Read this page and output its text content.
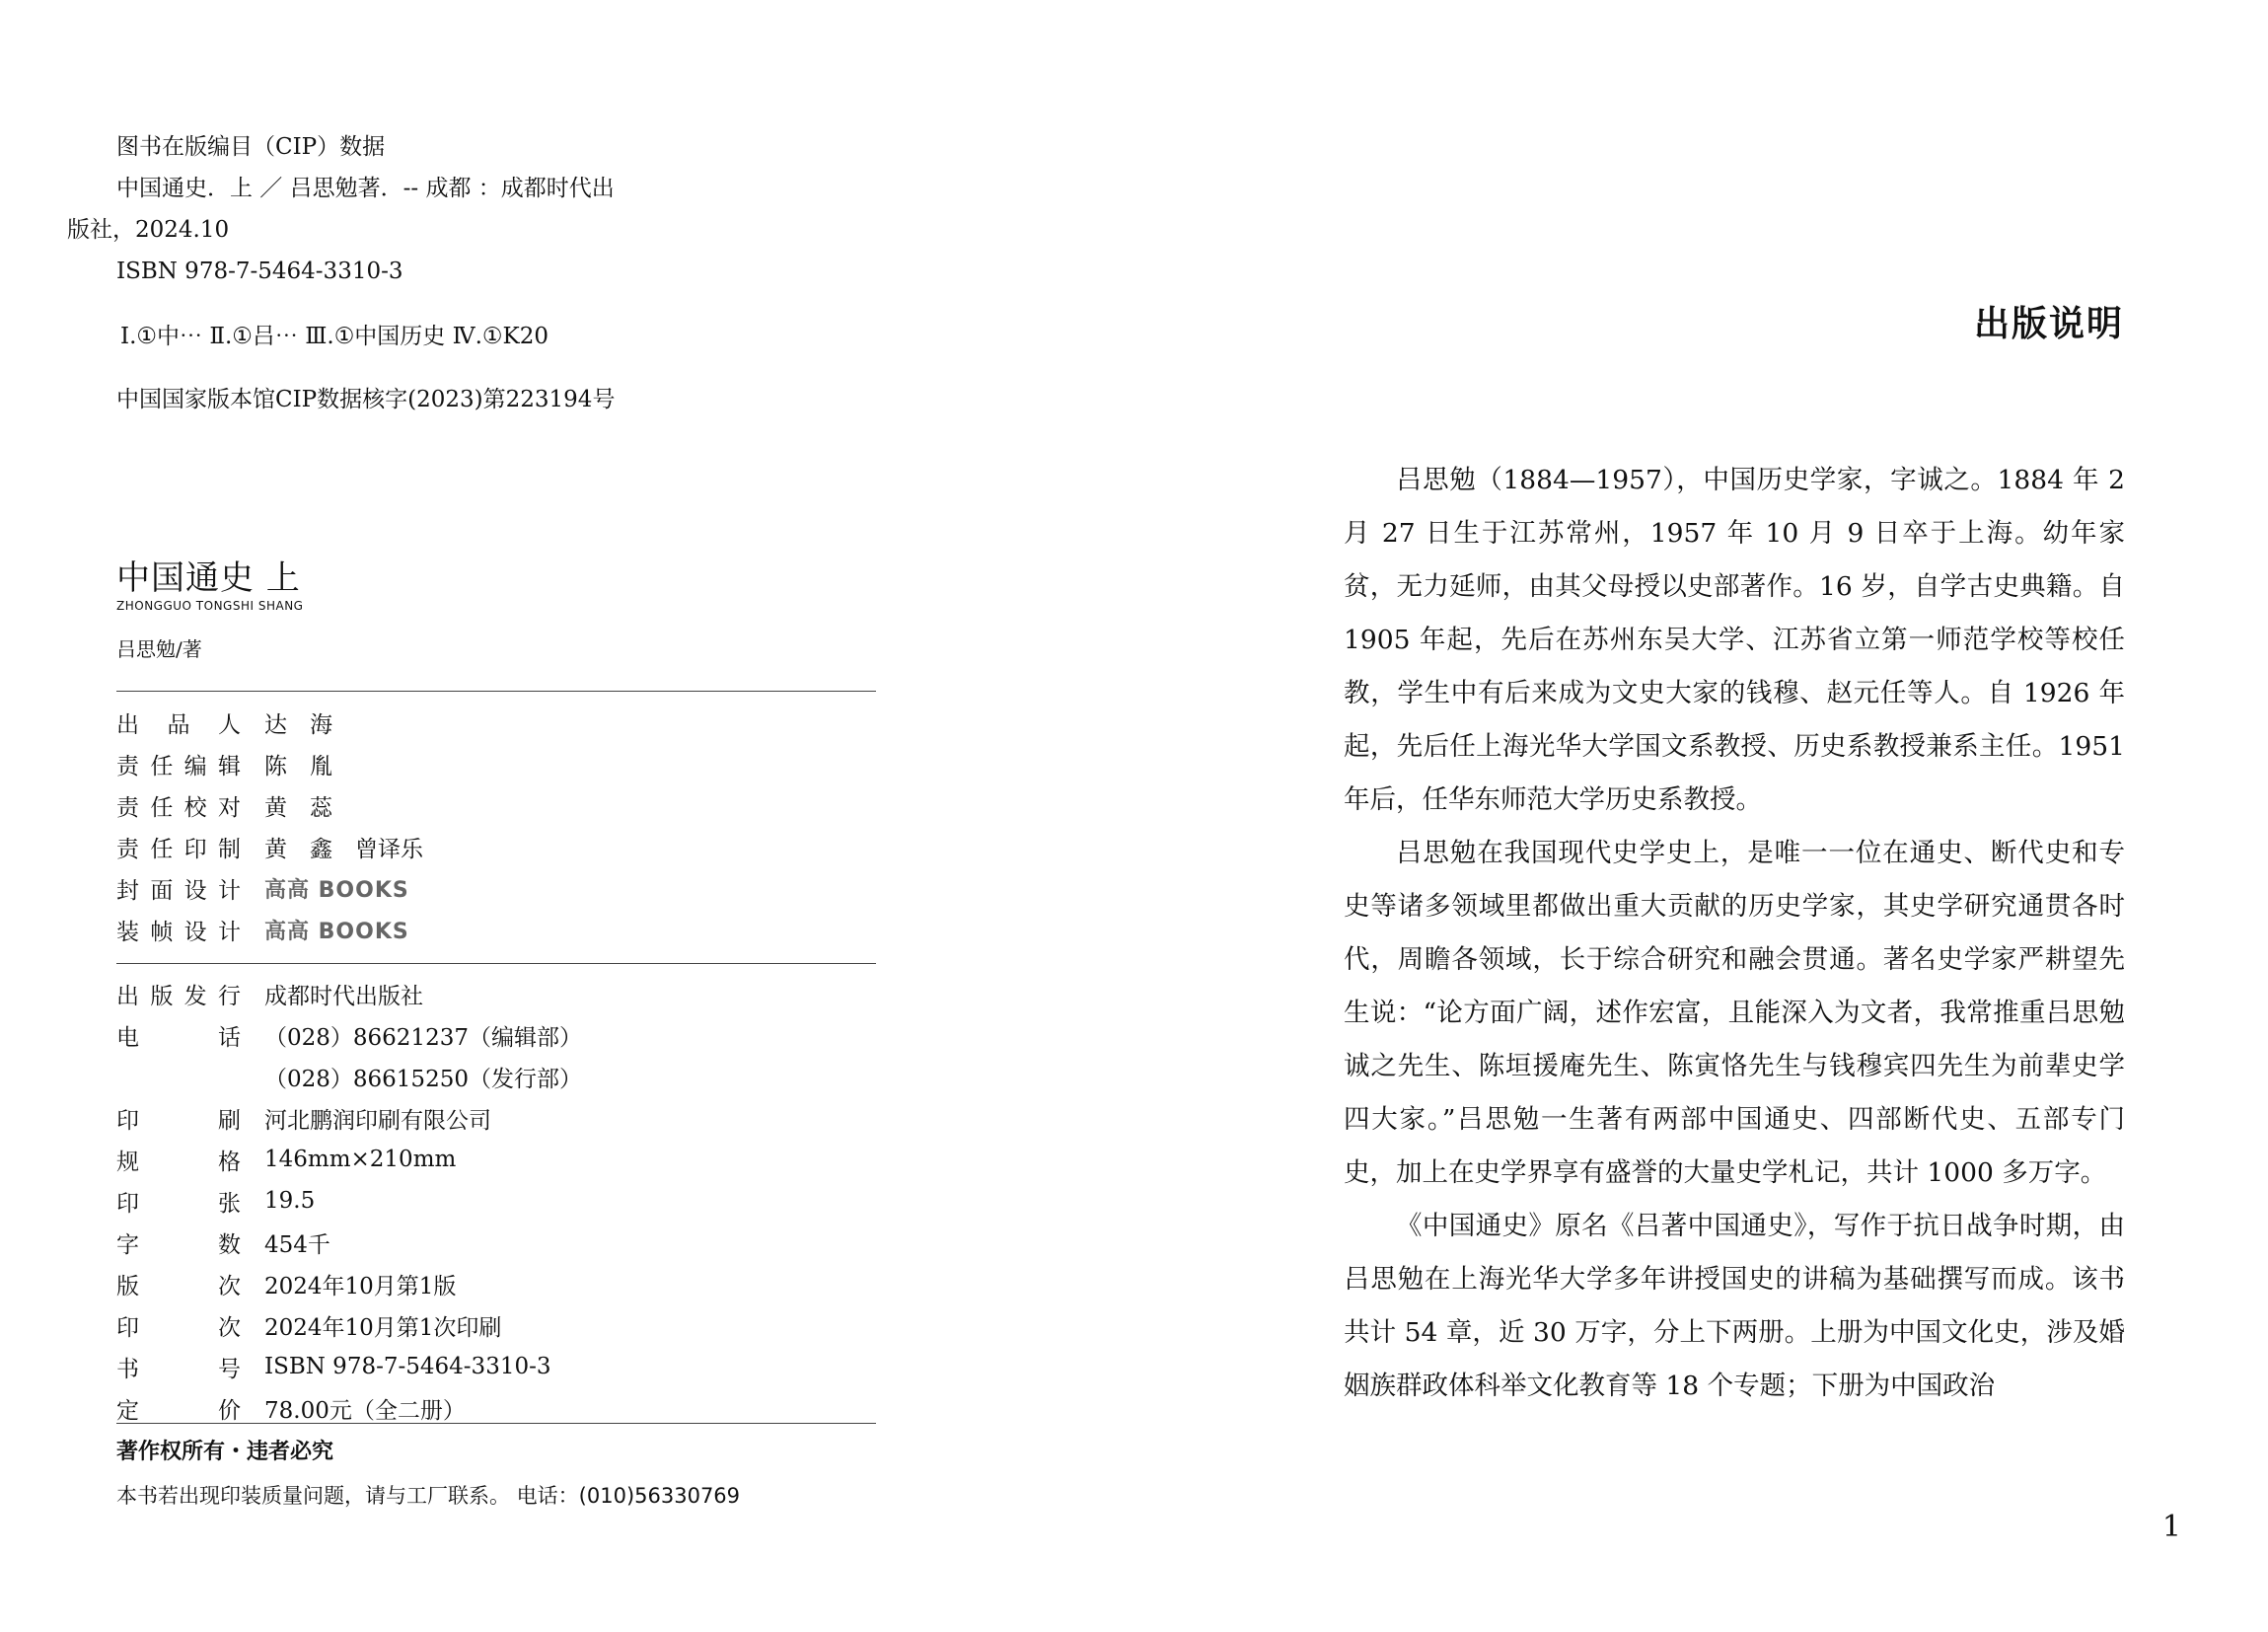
图书在版编目（CIP）数据
中国通史．上 ／ 吕思勉著．-- 成都 ：成都时代出
版社，2024.10
ISBN 978-7-5464-3310-3
Ⅰ.①中⋯ Ⅱ.①吕⋯ Ⅲ.①中国历史 Ⅳ.①K20
中国国家版本馆CIP数据核字(2023)第223194号
中国通史 上
ZHONGGUO TONGSHI SHANG
吕思勉/著
出品人 达　海
责任编辑 陈　胤
责任校对 黄　蕊
责任印制 黄　鑫　曾译乐
封面设计 高高 BOOKS
装帧设计 高高 BOOKS
出版发行 成都时代出版社
电话 （028）86621237（编辑部）
（028）86615250（发行部）
印刷 河北鹏润印刷有限公司
规格 146mm×210mm
印张 19.5
字数 454千
版次 2024年10月第1版
印次 2024年10月第1次印刷
书号 ISBN 978-7-5464-3310-3
定价 78.00元（全二册）
著作权所有・违者必究
本书若出现印装质量问题，请与工厂联系。 电话：(010)56330769
出版说明

吕思勉（1884—1957），中国历史学家，字诚之。1884 年 2 月 27 日生于江苏常州，1957 年 10 月 9 日卒于上海。幼年家贫，无力延师，由其父母授以史部著作。16 岁，自学古史典籍。自 1905 年起，先后在苏州东吴大学、江苏省立第一师范学校等校任教，学生中有后来成为文史大家的钱穆、赵元任等人。自 1926 年起，先后任上海光华大学国文系教授、历史系教授兼系主任。1951 年后，任华东师范大学历史系教授。

吕思勉在我国现代史学史上，是唯一一位在通史、断代史和专史等诸多领域里都做出重大贡献的历史学家，其史学研究通贯各时代，周瞻各领域，长于综合研究和融会贯通。著名史学家严耕望先生说：“论方面广阔，述作宏富，且能深入为文者，我常推重吕思勉诚之先生、陈垣援庵先生、陈寅恪先生与钱穆宾四先生为前辈史学四大家。”吕思勉一生著有两部中国通史、四部断代史、五部专门史，加上在史学界享有盛誉的大量史学札记，共计 1000 多万字。

《中国通史》原名《吕著中国通史》，写作于抗日战争时期，由吕思勉在上海光华大学多年讲授国史的讲稿为基础撰写而成。该书共计 54 章，近 30 万字，分上下两册。上册为中国文化史，涉及婚姻族群政体科举文化教育等 18 个专题；下册为中国政治

1
